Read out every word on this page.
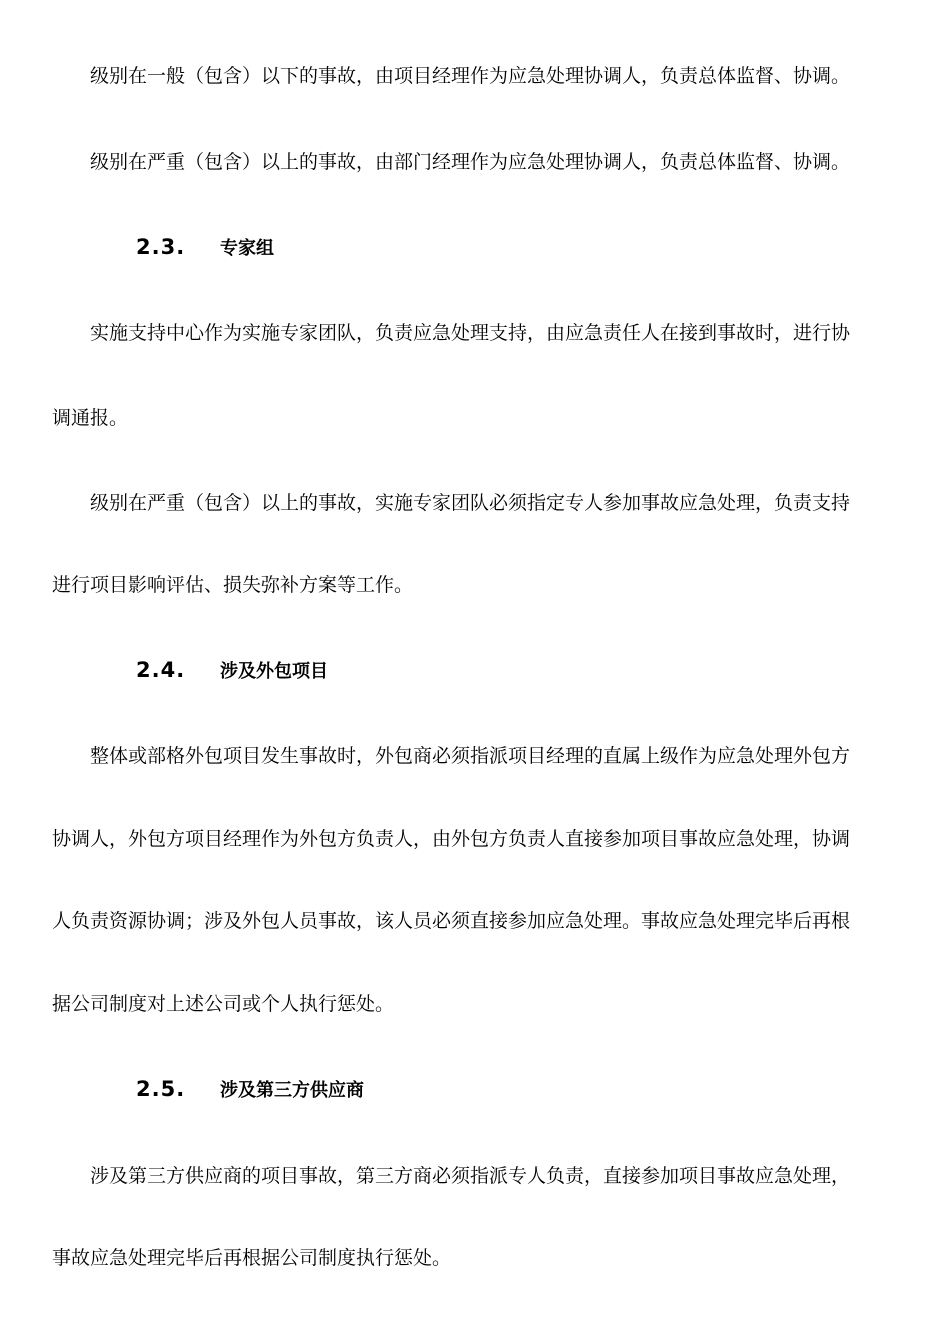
级别在一般（包含）以下的事故，由项目经理作为应急处理协调人，负责总体监督、协调。
级别在严重（包含）以上的事故，由部门经理作为应急处理协调人，负责总体监督、协调。
2.3. 专家组
实施支持中心作为实施专家团队，负责应急处理支持，由应急责任人在接到事故时，进行协
调通报。
级别在严重（包含）以上的事故，实施专家团队必须指定专人参加事故应急处理，负责支持
进行项目影响评估、损失弥补方案等工作。
2.4. 涉及外包项目
整体或部格外包项目发生事故时，外包商必须指派项目经理的直属上级作为应急处理外包方
协调人，外包方项目经理作为外包方负责人，由外包方负责人直接参加项目事故应急处理，协调
人负责资源协调；涉及外包人员事故，该人员必须直接参加应急处理。事故应急处理完毕后再根
据公司制度对上述公司或个人执行惩处。
2.5. 涉及第三方供应商
涉及第三方供应商的项目事故，第三方商必须指派专人负责，直接参加项目事故应急处理，
事故应急处理完毕后再根据公司制度执行惩处。
